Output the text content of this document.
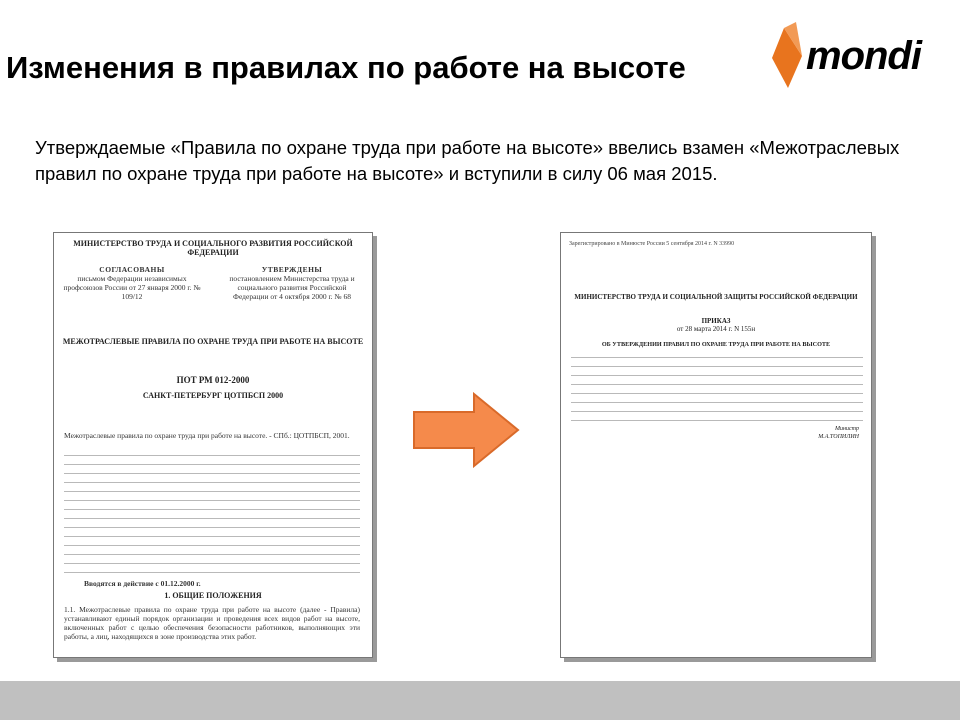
Изменения в правилах по работе на высоте	mondi
Утверждаемые «Правила по охране труда при работе на высоте» ввелись взамен «Межотраслевых правил по охране труда при работе на высоте» и вступили в силу 06 мая 2015.
МИНИСТЕРСТВО ТРУДА И СОЦИАЛЬНОГО РАЗВИТИЯ РОССИЙСКОЙ ФЕДЕРАЦИИ
СОГЛАСОВАНЫ
письмом Федерации независимых профсоюзов России от 27 января 2000 г. № 109/12
УТВЕРЖДЕНЫ
постановлением Министерства труда и социального развития Российской Федерации от 4 октября 2000 г. № 68
МЕЖОТРАСЛЕВЫЕ ПРАВИЛА ПО ОХРАНЕ ТРУДА ПРИ РАБОТЕ НА ВЫСОТЕ
ПОТ РМ 012-2000
САНКТ-ПЕТЕРБУРГ ЦОТПБСП 2000
Межотраслевые правила по охране труда при работе на высоте. - СПб.: ЦОТПБСП, 2001.
Вводятся в действие с 01.12.2000 г.
1. ОБЩИЕ ПОЛОЖЕНИЯ
1.1. Межотраслевые правила по охране труда при работе на высоте (далее - Правила) устанавливают единый порядок организации и проведения всех видов работ на высоте, включенных работ с целью обеспечения безопасности работников, выполняющих эти работы, а лиц, находящихся в зоне производства этих работ.
Зарегистрировано в Минюсте России 5 сентября 2014 г. N 33990
МИНИСТЕРСТВО ТРУДА И СОЦИАЛЬНОЙ ЗАЩИТЫ РОССИЙСКОЙ ФЕДЕРАЦИИ
ПРИКАЗ
от 28 марта 2014 г. N 155н
ОБ УТВЕРЖДЕНИИ ПРАВИЛ ПО ОХРАНЕ ТРУДА ПРИ РАБОТЕ НА ВЫСОТЕ
Министр
М.А.ТОПИЛИН
